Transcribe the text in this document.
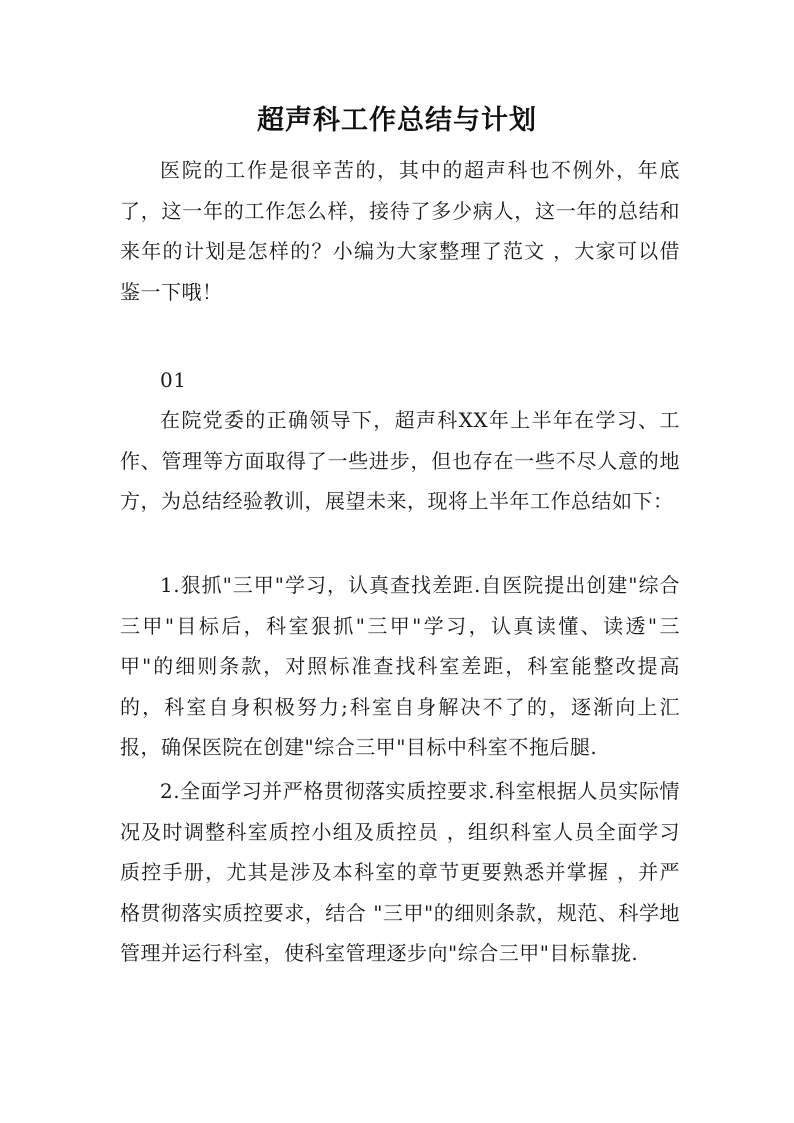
超声科工作总结与计划

医院的工作是很辛苦的，其中的超声科也不例外，年底了，这一年的工作怎么样，接待了多少病人，这一年的总结和来年的计划是怎样的？小编为大家整理了范文 ，大家可以借鉴一下哦！

01

在院党委的正确领导下，超声科XX年上半年在学习、工作、管理等方面取得了一些进步，但也存在一些不尽人意的地方，为总结经验教训，展望未来，现将上半年工作总结如下：

1.狠抓"三甲"学习，认真查找差距.自医院提出创建"综合三甲"目标后，科室狠抓"三甲"学习，认真读懂、读透"三甲"的细则条款，对照标准查找科室差距，科室能整改提高的，科室自身积极努力;科室自身解决不了的，逐渐向上汇报，确保医院在创建"综合三甲"目标中科室不拖后腿.

2.全面学习并严格贯彻落实质控要求.科室根据人员实际情况及时调整科室质控小组及质控员 ，组织科室人员全面学习质控手册，尤其是涉及本科室的章节更要熟悉并掌握 ，并严格贯彻落实质控要求，结合 "三甲"的细则条款，规范、科学地管理并运行科室，使科室管理逐步向"综合三甲"目标靠拢.
